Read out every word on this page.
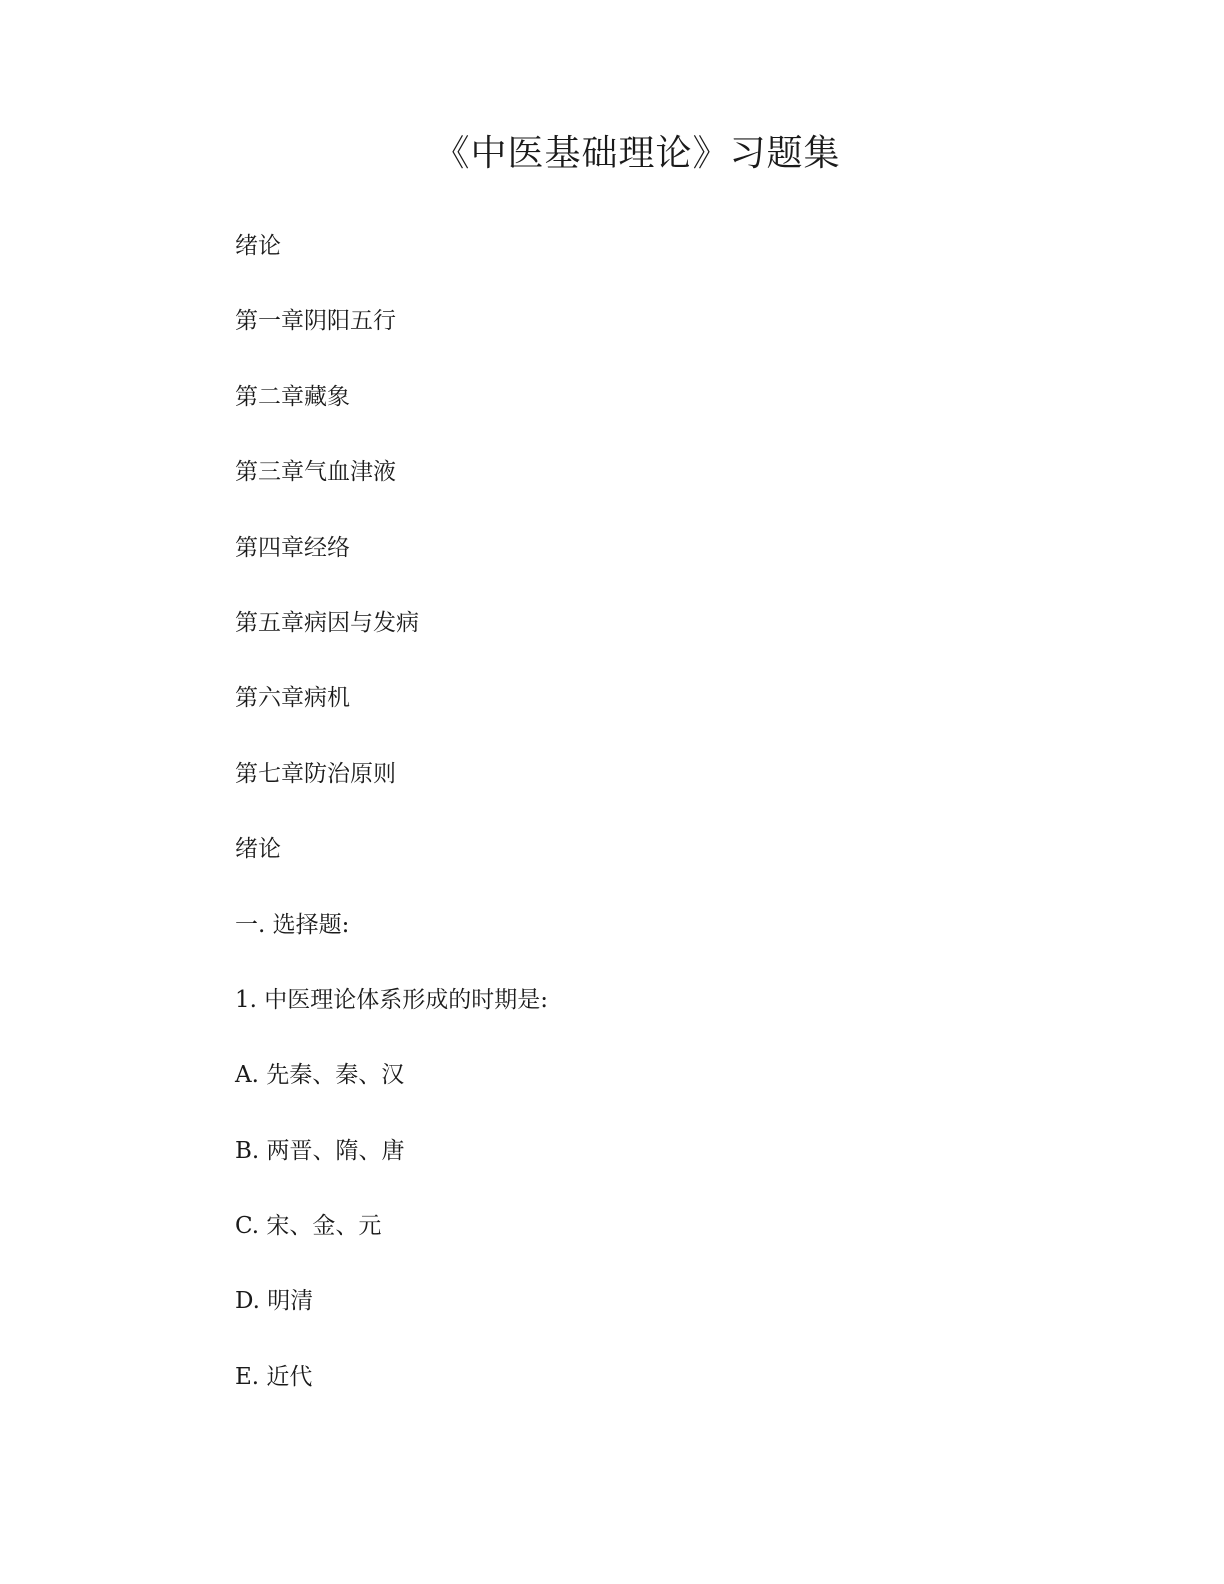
《中医基础理论》习题集
绪论
第一章阴阳五行
第二章藏象
第三章气血津液
第四章经络
第五章病因与发病
第六章病机
第七章防治原则
绪论
一. 选择题:
1. 中医理论体系形成的时期是:
A. 先秦、秦、汉
B. 两晋、隋、唐
C. 宋、金、元
D. 明清
E. 近代
